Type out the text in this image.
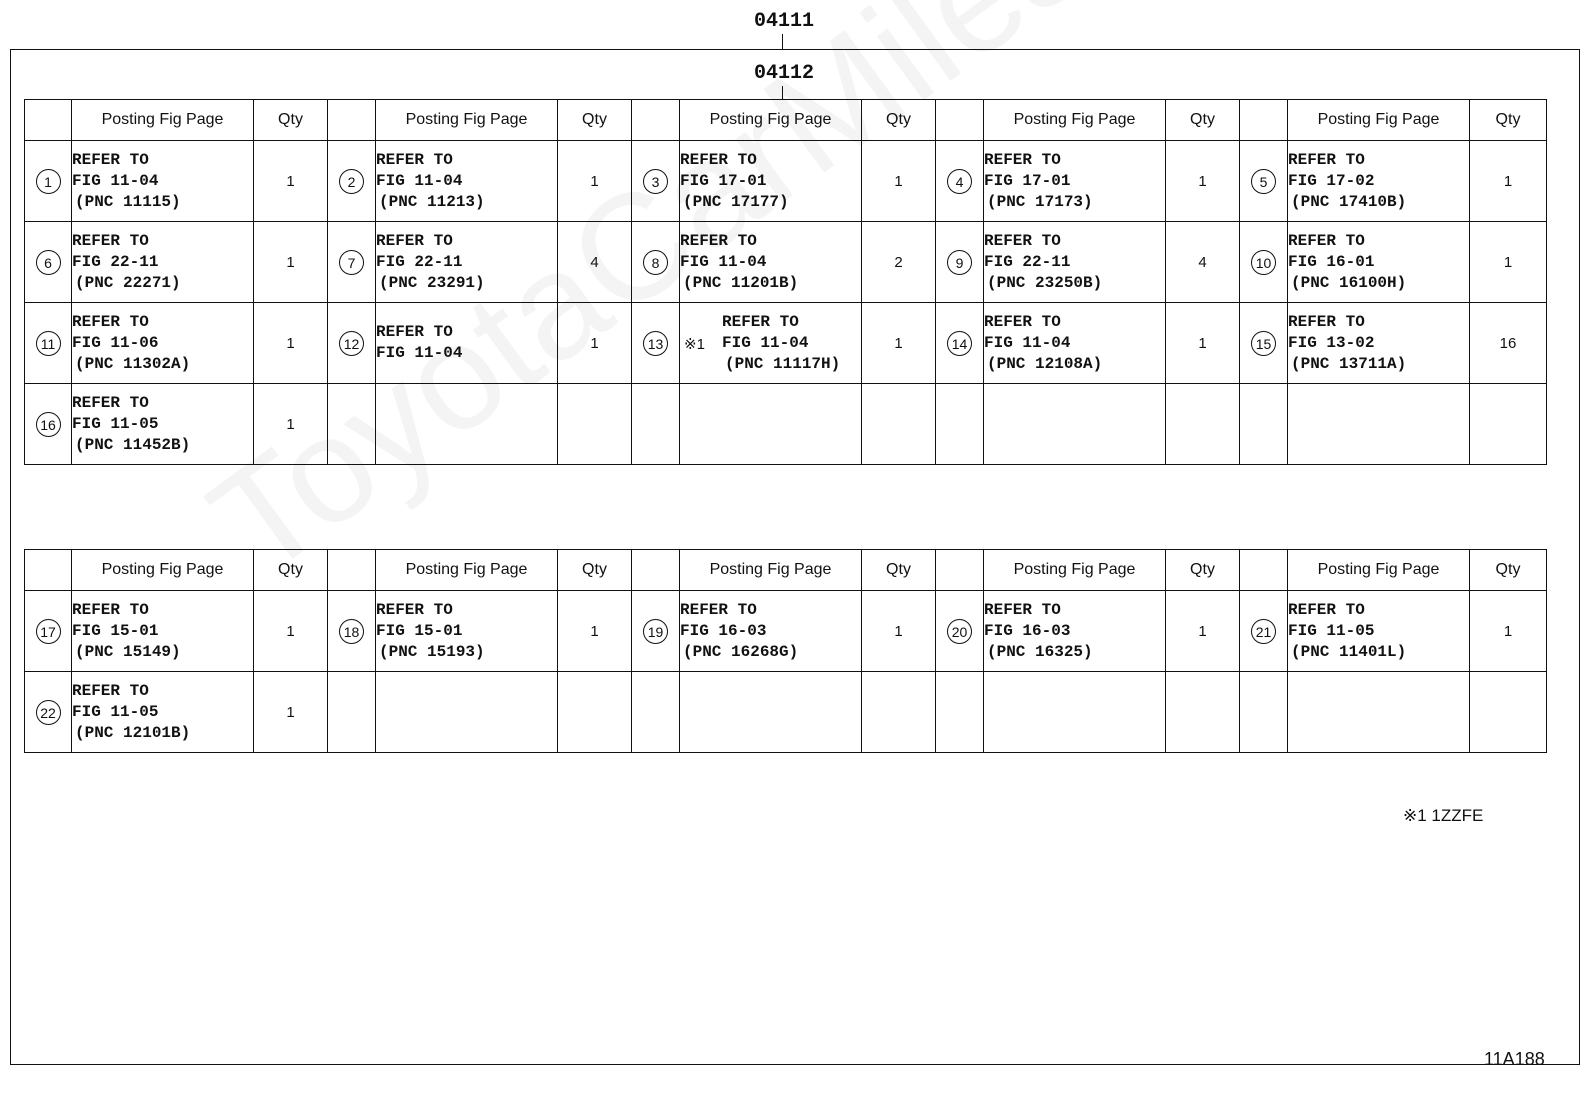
04111
04112
	Posting Fig Page	Qty		Posting Fig Page	Qty		Posting Fig Page	Qty		Posting Fig Page	Qty		Posting Fig Page	Qty
1	REFER TO
FIG 11-04
(PNC 11115)	1	2	REFER TO
FIG 11-04
(PNC 11213)	1	3	REFER TO
FIG 17-01
(PNC 17177)	1	4	REFER TO
FIG 17-01
(PNC 17173)	1	5	REFER TO
FIG 17-02
(PNC 17410B)	1
6	REFER TO
FIG 22-11
(PNC 22271)	1	7	REFER TO
FIG 22-11
(PNC 23291)	4	8	REFER TO
FIG 11-04
(PNC 11201B)	2	9	REFER TO
FIG 22-11
(PNC 23250B)	4	10	REFER TO
FIG 16-01
(PNC 16100H)	1
11	REFER TO
FIG 11-06
(PNC 11302A)	1	12	REFER TO
FIG 11-04	1	13	※1
REFER TO
FIG 11-04
(PNC 11117H)	1	14	REFER TO
FIG 11-04
(PNC 12108A)	1	15	REFER TO
FIG 13-02
(PNC 13711A)	16
16	REFER TO
FIG 11-05
(PNC 11452B)	1												
	Posting Fig Page	Qty		Posting Fig Page	Qty		Posting Fig Page	Qty		Posting Fig Page	Qty		Posting Fig Page	Qty
17	REFER TO
FIG 15-01
(PNC 15149)	1	18	REFER TO
FIG 15-01
(PNC 15193)	1	19	REFER TO
FIG 16-03
(PNC 16268G)	1	20	REFER TO
FIG 16-03
(PNC 16325)	1	21	REFER TO
FIG 11-05
(PNC 11401L)	1
22	REFER TO
FIG 11-05
(PNC 12101B)	1												
※1 1ZZFE
11A188
